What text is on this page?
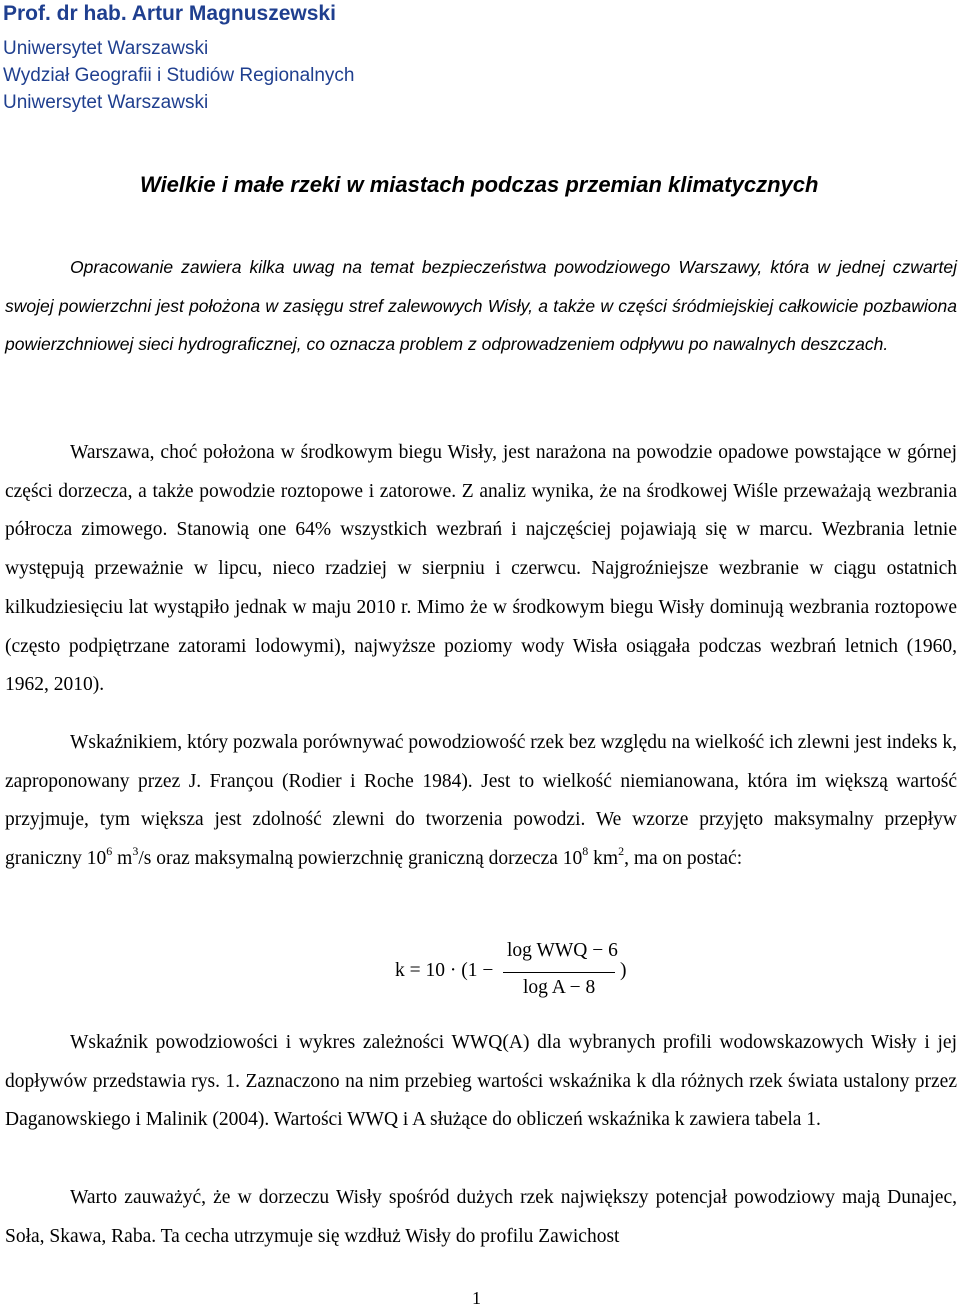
Prof. dr hab. Artur Magnuszewski
Uniwersytet Warszawski
Wydział Geografii i Studiów Regionalnych
Uniwersytet Warszawski
Wielkie i małe rzeki w miastach podczas przemian klimatycznych

Opracowanie zawiera kilka uwag na temat bezpieczeństwa powodziowego Warszawy, która w jednej czwartej swojej powierzchni jest położona w zasięgu stref zalewowych Wisły, a także w części śródmiejskiej całkowicie pozbawiona powierzchniowej sieci hydrograficznej, co oznacza problem z odprowadzeniem odpływu po nawalnych deszczach.

Warszawa, choć położona w środkowym biegu Wisły, jest narażona na powodzie opadowe powstające w górnej części dorzecza, a także powodzie roztopowe i zatorowe. Z analiz wynika, że na środkowej Wiśle przeważają wezbrania półrocza zimowego. Stanowią one 64% wszystkich wezbrań i najczęściej pojawiają się w marcu. Wezbrania letnie występują przeważnie w lipcu, nieco rzadziej w sierpniu i czerwcu. Najgroźniejsze wezbranie w ciągu ostatnich kilkudziesięciu lat wystąpiło jednak w maju 2010 r. Mimo że w środkowym biegu Wisły dominują wezbrania roztopowe (często podpiętrzane zatorami lodowymi), najwyższe poziomy wody Wisła osiągała podczas wezbrań letnich (1960, 1962, 2010).

Wskaźnikiem, który pozwala porównywać powodziowość rzek bez względu na wielkość ich zlewni jest indeks k, zaproponowany przez J. Françou (Rodier i Roche 1984). Jest to wielkość niemianowana, która im większą wartość przyjmuje, tym większa jest zdolność zlewni do tworzenia powodzi. We wzorze przyjęto maksymalny przepływ graniczny $10^6$ $m^3/s$ oraz maksymalną powierzchnię graniczną dorzecza $10^8$ $km^2$, ma on postać:

k = 10 · (1 −
log WWQ − 6
log A − 8
)

Wskaźnik powodziowości i wykres zależności WWQ(A) dla wybranych profili wodowskazowych Wisły i jej dopływów przedstawia rys. 1. Zaznaczono na nim przebieg wartości wskaźnika k dla różnych rzek świata ustalony przez Daganowskiego i Malinik (2004). Wartości WWQ i A służące do obliczeń wskaźnika k zawiera tabela 1.

Warto zauważyć, że w dorzeczu Wisły spośród dużych rzek największy potencjał powodziowy mają Dunajec, Soła, Skawa, Raba. Ta cecha utrzymuje się wzdłuż Wisły do profilu Zawichost

1
